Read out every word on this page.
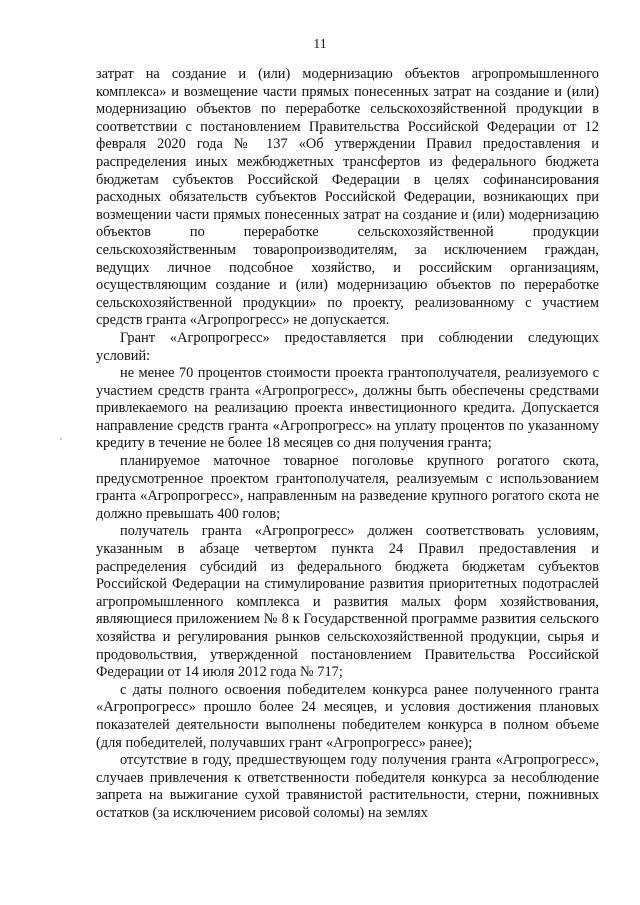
11

затрат на создание и (или) модернизацию объектов агропромышленного комплекса» и возмещение части прямых понесенных затрат на создание и (или) модернизацию объектов по переработке сельскохозяйственной продукции в соответствии с постановлением Правительства Российской Федерации от 12 февраля 2020 года № 137 «Об утверждении Правил предоставления и распределения иных межбюджетных трансфертов из федерального бюджета бюджетам субъектов Российской Федерации в целях софинансирования расходных обязательств субъектов Российской Федерации, возникающих при возмещении части прямых понесенных затрат на создание и (или) модернизацию объектов по переработке сельскохозяйственной продукции сельскохозяйственным товаропроизводителям, за исключением граждан, ведущих личное подсобное хозяйство, и российским организациям, осуществляющим создание и (или) модернизацию объектов по переработке сельскохозяйственной продукции» по проекту, реализованному с участием средств гранта «Агропрогресс» не допускается.

Грант «Агропрогресс» предоставляется при соблюдении следующих условий:

не менее 70 процентов стоимости проекта грантополучателя, реализуемого с участием средств гранта «Агропрогресс», должны быть обеспечены средствами привлекаемого на реализацию проекта инвестиционного кредита. Допускается направление средств гранта «Агропрогресс» на уплату процентов по указанному кредиту в течение не более 18 месяцев со дня получения гранта;

планируемое маточное товарное поголовье крупного рогатого скота, предусмотренное проектом грантополучателя, реализуемым с использованием гранта «Агропрогресс», направленным на разведение крупного рогатого скота не должно превышать 400 голов;

получатель гранта «Агропрогресс» должен соответствовать условиям, указанным в абзаце четвертом пункта 24 Правил предоставления и распределения субсидий из федерального бюджета бюджетам субъектов Российской Федерации на стимулирование развития приоритетных подотраслей агропромышленного комплекса и развития малых форм хозяйствования, являющиеся приложением № 8 к Государственной программе развития сельского хозяйства и регулирования рынков сельскохозяйственной продукции, сырья и продовольствия, утвержденной постановлением Правительства Российской Федерации от 14 июля 2012 года № 717;

с даты полного освоения победителем конкурса ранее полученного гранта «Агропрогресс» прошло более 24 месяцев, и условия достижения плановых показателей деятельности выполнены победителем конкурса в полном объеме (для победителей, получавших грант «Агропрогресс» ранее);

отсутствие в году, предшествующем году получения гранта «Агропрогресс», случаев привлечения к ответственности победителя конкурса за несоблюдение запрета на выжигание сухой травянистой растительности, стерни, пожнивных остатков (за исключением рисовой соломы) на землях
